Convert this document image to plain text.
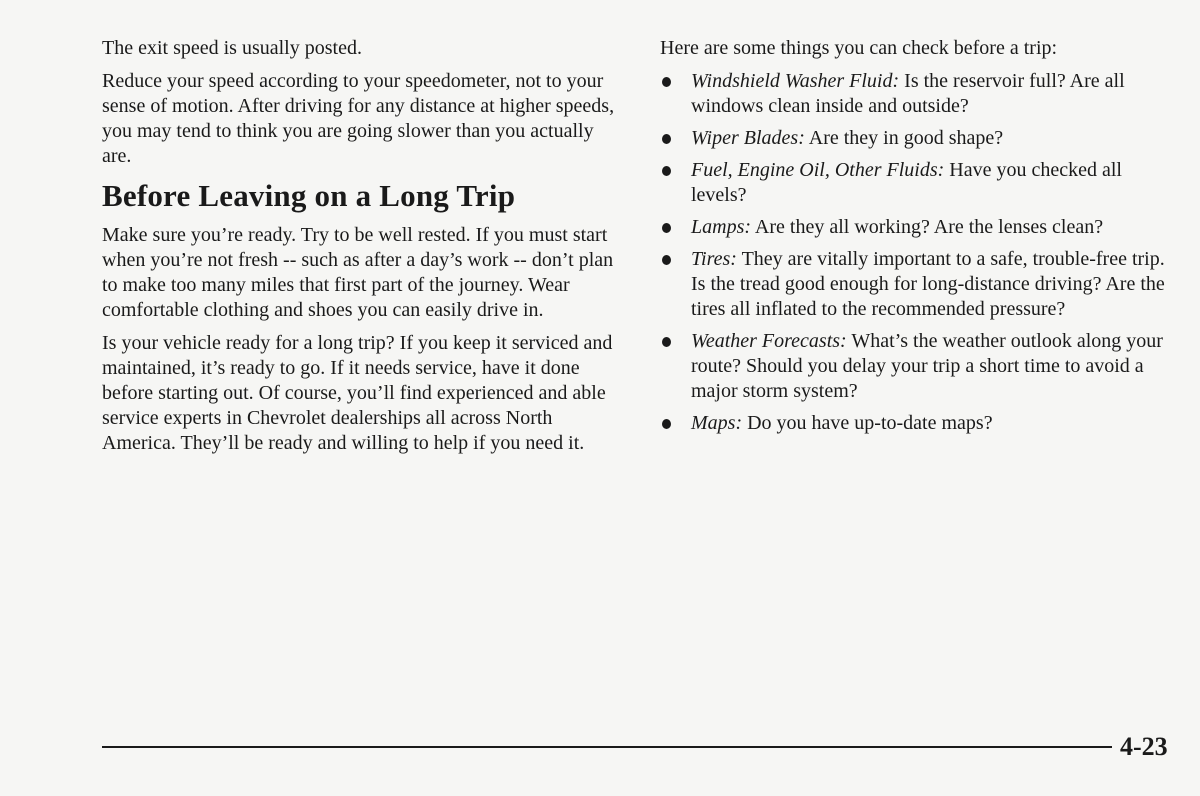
The exit speed is usually posted.

Reduce your speed according to your speedometer, not to your sense of motion. After driving for any distance at higher speeds, you may tend to think you are going slower than you actually are.

Before Leaving on a Long Trip

Make sure you’re ready. Try to be well rested. If you must start when you’re not fresh -- such as after a day’s work -- don’t plan to make too many miles that first part of the journey. Wear comfortable clothing and shoes you can easily drive in.

Is your vehicle ready for a long trip? If you keep it serviced and maintained, it’s ready to go. If it needs service, have it done before starting out. Of course, you’ll find experienced and able service experts in Chevrolet dealerships all across North America. They’ll be ready and willing to help if you need it.

Here are some things you can check before a trip:

Windshield Washer Fluid: Is the reservoir full? Are all windows clean inside and outside?
Wiper Blades: Are they in good shape?
Fuel, Engine Oil, Other Fluids: Have you checked all levels?
Lamps: Are they all working? Are the lenses clean?
Tires: They are vitally important to a safe, trouble-free trip. Is the tread good enough for long-distance driving? Are the tires all inflated to the recommended pressure?
Weather Forecasts: What’s the weather outlook along your route? Should you delay your trip a short time to avoid a major storm system?
Maps: Do you have up-to-date maps?
4-23
